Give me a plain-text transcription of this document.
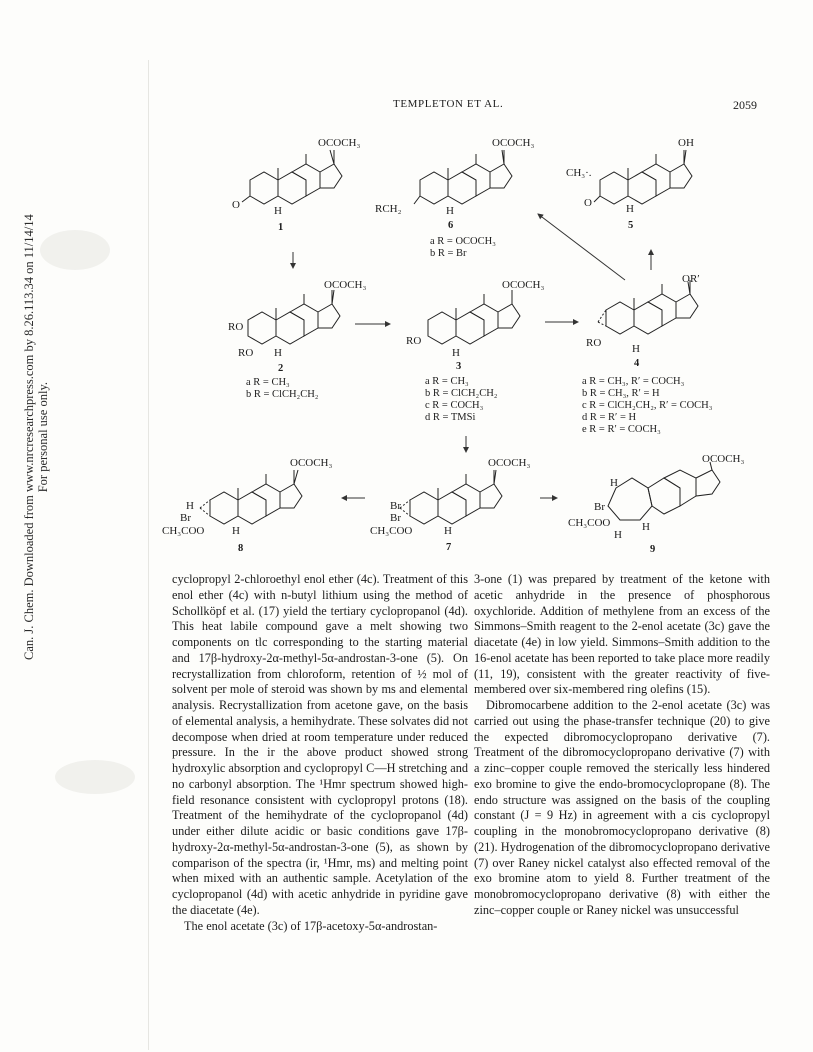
Can. J. Chem. Downloaded from www.nrcresearchpress.com by 8.26.113.34 on 11/14/14 For personal use only.
TEMPLETON ET AL.	2059
OCOCH₃
O	H
1
OCOCH₃
RCH₂	H
6
a R = OCOCH₃
b R = Br
OH
CH₃·.
O	H
5
OCOCH₃
RO
RO H
2
a R = CH₃
b R = ClCH₂CH₂
OCOCH₃
RO
H
3
a R = CH₃
b R = ClCH₂CH₂
c R = COCH₃
d R = TMSi
OR′
RO	H
4
a R = CH₃, R′ = COCH₃
b R = CH₃, R′ = H
c R = ClCH₂CH₂, R′ = COCH₃
d R = R′ = H
e R = R′ = COCH₃
OCOCH₃
H
Br
CH₃COO	H
8
OCOCH₃
Br
Br
CH₃COO	H
7
OCOCH₃
H
Br
CH₃COO
H
H
9

cyclopropyl 2-chloroethyl enol ether (4c). Treatment of this enol ether (4c) with n-butyl lithium using the method of Schollköpf et al. (17) yield the tertiary cyclopropanol (4d). This heat labile compound gave a melt showing two components on tlc corresponding to the starting material and 17β-hydroxy-2α-methyl-5α-androstan-3-one (5). On recrystallization from chloroform, retention of ½ mol of solvent per mole of steroid was shown by ms and elemental analysis. Recrystallization from acetone gave, on the basis of elemental analysis, a hemihydrate. These solvates did not decompose when dried at room temperature under reduced pressure. In the ir the above product showed strong hydroxylic absorption and cyclopropyl C—H stretching and no carbonyl absorption. The ¹Hmr spectrum showed high-field resonance consistent with cyclopropyl protons (18). Treatment of the hemihydrate of the cyclopropanol (4d) under either dilute acidic or basic conditions gave 17β-hydroxy-2α-methyl-5α-androstan-3-one (5), as shown by comparison of the spectra (ir, ¹Hmr, ms) and melting point when mixed with an authentic sample. Acetylation of the cyclopropanol (4d) with acetic anhydride in pyridine gave the diacetate (4e).

The enol acetate (3c) of 17β-acetoxy-5α-androstan-

3-one (1) was prepared by treatment of the ketone with acetic anhydride in the presence of phosphorous oxychloride. Addition of methylene from an excess of the Simmons–Smith reagent to the 2-enol acetate (3c) gave the diacetate (4e) in low yield. Simmons–Smith addition to the 16-enol acetate has been reported to take place more readily (11, 19), consistent with the greater reactivity of five-membered over six-membered ring olefins (15).

Dibromocarbene addition to the 2-enol acetate (3c) was carried out using the phase-transfer technique (20) to give the expected dibromocyclopropano derivative (7). Treatment of the dibromocyclopropano derivative (7) with a zinc–copper couple removed the sterically less hindered exo bromine to give the endo-bromocyclopropane (8). The endo structure was assigned on the basis of the coupling constant (J = 9 Hz) in agreement with a cis cyclopropyl coupling in the monobromocyclopropano derivative (8) (21). Hydrogenation of the dibromocyclopropano derivative (7) over Raney nickel catalyst also effected removal of the exo bromine atom to yield 8. Further treatment of the monobromocyclopropano derivative (8) with either the zinc–copper couple or Raney nickel was unsuccessful
